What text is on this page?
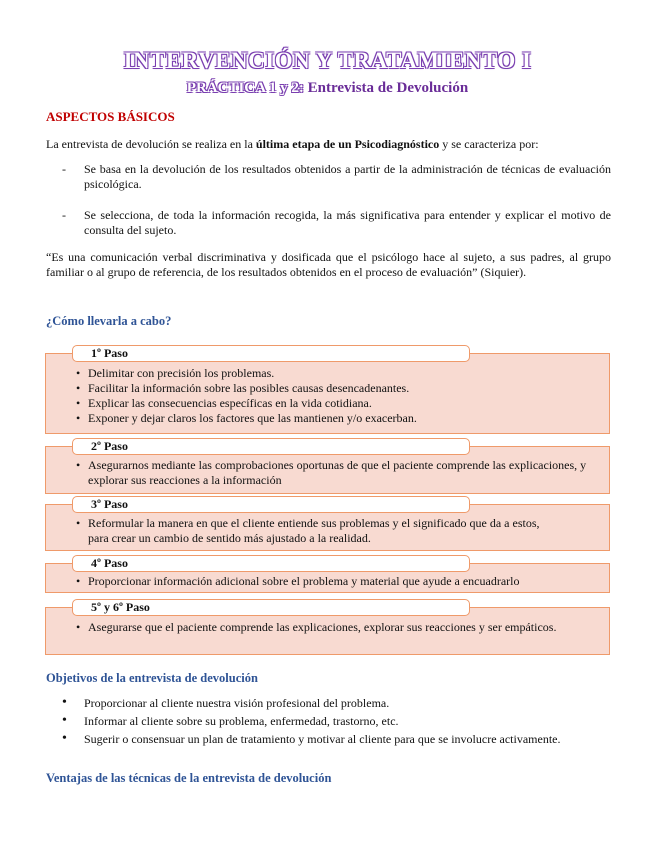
INTERVENCIÓN Y TRATAMIENTO I
PRÁCTICA 1 y 2: Entrevista de Devolución
ASPECTOS BÁSICOS
La entrevista de devolución se realiza en la última etapa de un Psicodiagnóstico y se caracteriza por:
- Se basa en la devolución de los resultados obtenidos a partir de la administración de técnicas de evaluación psicológica.
- Se selecciona, de toda la información recogida, la más significativa para entender y explicar el motivo de consulta del sujeto.
“Es una comunicación verbal discriminativa y dosificada que el psicólogo hace al sujeto, a sus padres, al grupo familiar o al grupo de referencia, de los resultados obtenidos en el proceso de evaluación” (Siquier).
¿Cómo llevarla a cabo?
• Delimitar con precisión los problemas.
• Facilitar la información sobre las posibles causas desencadenantes.
• Explicar las consecuencias específicas en la vida cotidiana.
• Exponer y dejar claros los factores que las mantienen y/o exacerban.
1º Paso
• Asegurarnos mediante las comprobaciones oportunas de que el paciente comprende las explicaciones, y explorar sus reacciones a la información
2º Paso
• Reformular la manera en que el cliente entiende sus problemas y el significado que da a estos, para crear un cambio de sentido más ajustado a la realidad.
3º Paso
• Proporcionar información adicional sobre el problema y material que ayude a encuadrarlo
4º Paso
• Asegurarse que el paciente comprende las explicaciones, explorar sus reacciones y ser empáticos.
5º y 6º Paso
Objetivos de la entrevista de devolución
• Proporcionar al cliente nuestra visión profesional del problema.
• Informar al cliente sobre su problema, enfermedad, trastorno, etc.
• Sugerir o consensuar un plan de tratamiento y motivar al cliente para que se involucre activamente.
Ventajas de las técnicas de la entrevista de devolución
